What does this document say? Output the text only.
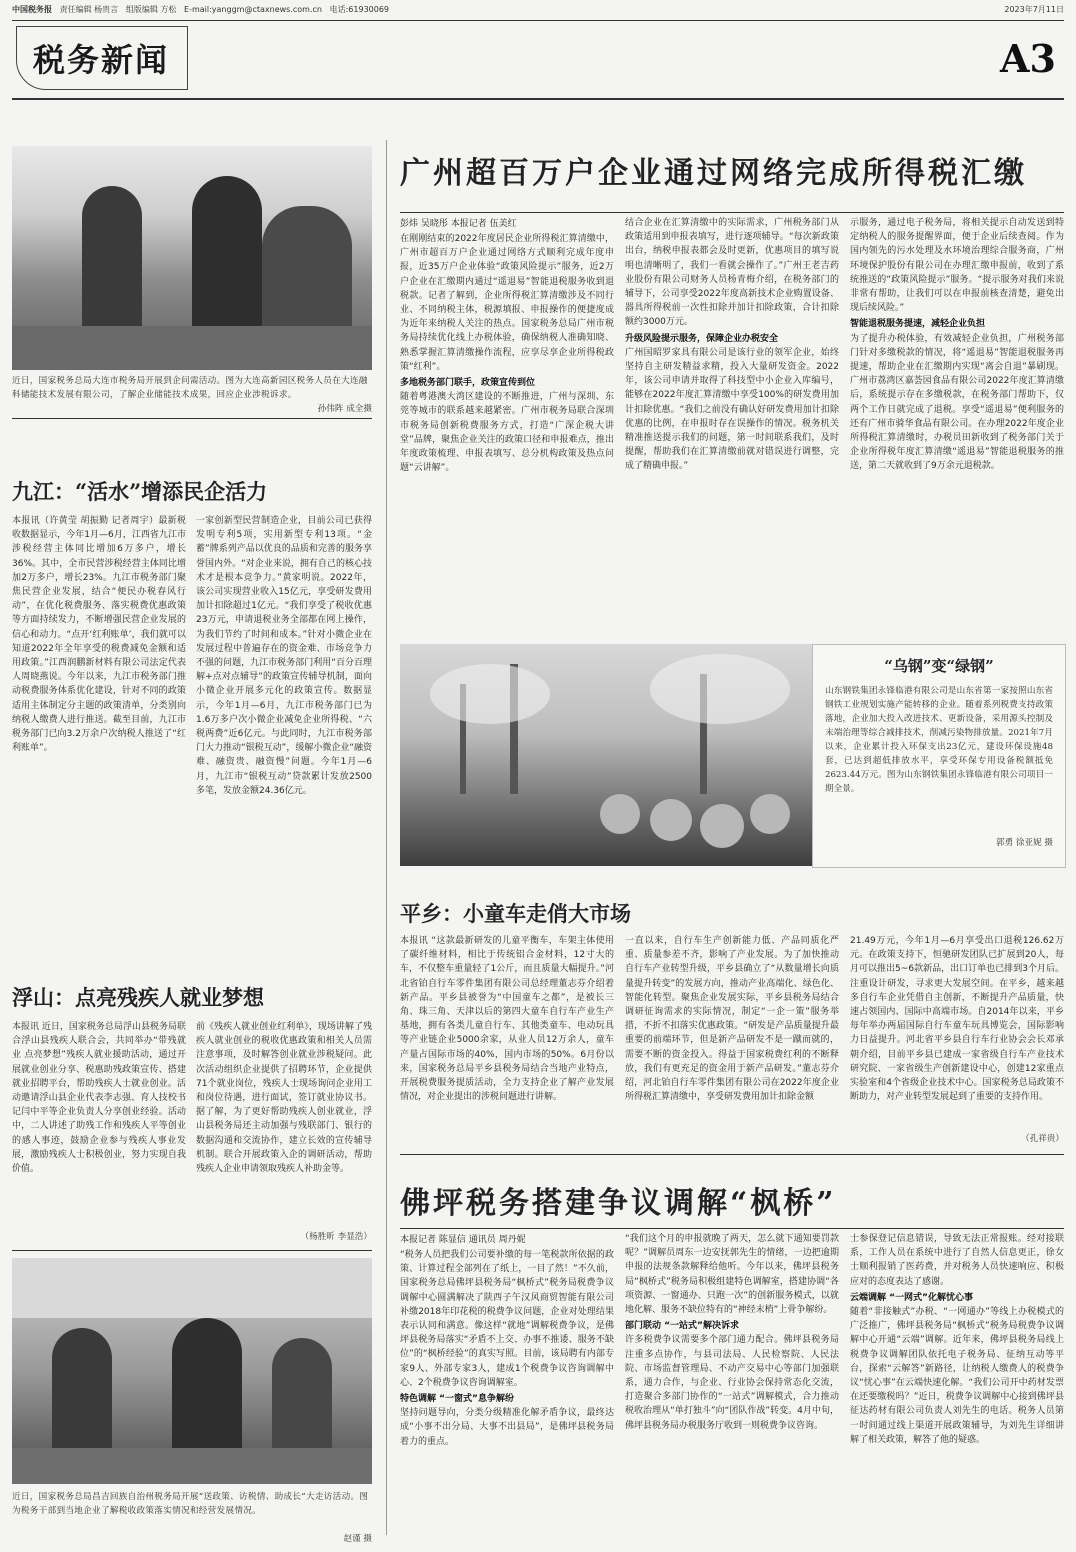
中国税务报 责任编辑 杨贵言 组版编辑 方松 E-mail:yanggm@ctaxnews.com.cn 电话:61930069	2023年7月11日
税务新闻	A3
近日，国家税务总局大连市税务局开展到企问需活动。图为大连高新园区税务人员在大连融科储能技术发展有限公司，了解企业储能技术成果，回应企业涉税诉求。
孙伟阵 成全摄
广州超百万户企业通过网络完成所得税汇缴
彭炜 吴晓彤 本报记者 伍美红
在刚刚结束的2022年度居民企业所得税汇算清缴中，广州市超百万户企业通过网络方式顺利完成年度申报，近35万户企业体验“政策风险提示”服务，近2万户企业在汇缴期内通过“遥退易”智能退税服务收到退税款。记者了解到，企业所得税汇算清缴涉及不同行业、不同纳税主体，税源填报、申报操作的便捷度成为近年来纳税人关注的热点。国家税务总局广州市税务局持续优化线上办税体验，确保纳税人准确知晓、熟悉掌握汇算清缴操作流程，应享尽享企业所得税政策“红利”。
多地税务部门联手，政策宣传到位
随着粤港澳大湾区建设的不断推进，广州与深圳、东莞等城市的联系越来越紧密。广州市税务局联合深圳市税务局创新税费服务方式，打造“广深企税大讲堂”品牌，聚焦企业关注的政策口径和申报难点，推出年度政策梳理、申报表填写、总分机构政策及热点问题“云讲解”。
结合企业在汇算清缴中的实际需求，广州税务部门从政策适用到申报表填写，进行逐项辅导。“每次新政策出台，纳税申报表都会及时更新，优惠项目的填写说明也清晰明了，我们一看就会操作了。”广州王老吉药业股份有限公司财务人员杨青梅介绍，在税务部门的辅导下，公司享受2022年度高新技术企业购置设备、器具所得税前一次性扣除并加计扣除政策，合计扣除额约3000万元。
升级风险提示服务，保障企业办税安全
广州国昭罗家具有限公司是该行业的领军企业，始终坚持自主研发精益求精，投入大量研发资金。2022年，该公司申请并取得了科技型中小企业入库编号，能够在2022年度汇算清缴中享受100%的研发费用加计扣除优惠。“我们之前没有确认好研发费用加计扣除优惠的比例，在申报时存在误操作的情况。税务机关精准推送提示我们的问题，第一时间联系我们，及时提醒，帮助我们在汇算清缴前就对错误进行调整，完成了精确申报。”
示服务，通过电子税务局，将相关提示自动发送到特定纳税人的服务提醒界面，便于企业后续查阅。作为国内领先的污水处理及水环境治理综合服务商，广州环境保护股份有限公司在办理汇缴申报前，收到了系统推送的“政策风险提示”服务。“提示服务对我们来说非常有帮助，让我们可以在申报前核查清楚，避免出现后续风险。”
智能退税服务提速，减轻企业负担
为了提升办税体验，有效减轻企业负担，广州税务部门针对多缴税款的情况，将“遥退易”智能退税服务再提速，帮助企业在汇缴期内实现“离会自退”暴刷现。广州市荔湾区嘉荟园食品有限公司2022年度汇算清缴后，系统提示存在多缴税款，在税务部门帮助下，仅两个工作日就完成了退税。享受“遥退易”便利服务的还有广州市骑华食品有限公司。在办理2022年度企业所得税汇算清缴时，办税员田新收到了税务部门关于企业所得税年度汇算清缴“遥退易”智能退税服务的推送，第二天就收到了9万余元退税款。
九江：“活水”增添民企活力
本报讯（许黄莹 胡振勤 记者周宇）最新税收数据显示，今年1月—6月，江西省九江市涉税经营主体同比增加6万多户，增长36%。其中，全市民营涉税经营主体同比增加2万多户，增长23%。九江市税务部门聚焦民营企业发展，结合“便民办税春风行动”，在优化税费服务、落实税费优惠政策等方面持续发力，不断增强民营企业发展的信心和动力。“点开‘红利账单’，我们就可以知道2022年全年享受的税费减免金额和适用政策。”江西润鹏新材料有限公司法定代表人周晓燕说。今年以来，九江市税务部门推动税费服务体系优化建设，针对不同的政策适用主体制定分主题的政策清单，分类别向纳税人缴费人进行推送。截至目前，九江市税务部门已向3.2万余户次纳税人推送了“红利账单”。
一家创新型民营制造企业，目前公司已获得发明专利5项，实用新型专利13项。“金蓄”牌系列产品以优良的品质和完善的服务享誉国内外。“对企业来说，拥有自己的核心技术才是根本竞争力。”黄家明说。2022年，该公司实现营业收入15亿元，享受研发费用加计扣除超过1亿元。“我们享受了税收优惠23万元，申请退税业务全部都在网上操作，为我们节约了时间和成本。”针对小微企业在发展过程中普遍存在的资金难、市场竞争力不强的问题，九江市税务部门利用“百分百理解+点对点辅导”的政策宣传辅导机制，面向小微企业开展多元化的政策宣传。数据显示，今年1月—6月，九江市税务部门已为1.6万多户次小微企业减免企业所得税、“六税两费”近6亿元。与此同时，九江市税务部门大力推动“银税互动”，缓解小微企业“融资难、融资贵、融资慢”问题。今年1月—6月，九江市“银税互动”贷款累计发放2500多笔，发放金额24.36亿元。
“乌钢”变“绿钢”
山东钢铁集团永锋临港有限公司是山东省第一家按照山东省钢铁工业规划实施产能转移的企业。随着系列税费支持政策落地，企业加大投入改进技术、更新设备，采用源头控制及末端治理等综合减排技术，削减污染物排放量。2021年7月以来，企业累计投入环保支出23亿元，建设环保设施48套，已达到超低排放水平，享受环保专用设备税额抵免2623.44万元。图为山东钢铁集团永锋临港有限公司项目一期全景。
郭勇 徐亚妮 摄
平乡：小童车走俏大市场
本报讯 “这款最新研发的儿童平衡车，车架主体使用了碳纤维材料，相比于传统铝合金材料，12寸大的车，不仅整车重量轻了1公斤，而且质量大幅提升。”河北省铂自行车零件集团有限公司总经理董志芬介绍着新产品。平乡县被誉为“中国童车之都”，是被长三角、珠三角、天津以后的第四大童车自行车产业生产基地，拥有各类儿童自行车、其他类童车、电动玩具等产业链企业5000余家，从业人员12万余人，童车产量占国际市场的40%，国内市场的50%。6月份以来，国家税务总局平乡县税务局结合当地产业特点，开展税费服务提质活动，全力支持企业了解产业发展情况，对企业提出的涉税问题进行讲解。
一直以来，自行车生产创新能力低、产品同质化严重、质量参差不齐，影响了产业发展。为了加快推动自行车产业转型升级，平乡县确立了“从数量增长向质量提升转变”的发展方向，推动产业高端化、绿色化、智能化转型。聚焦企业发展实际，平乡县税务局结合调研征询需求的实际情况，制定“一企一策”服务举措，不折不扣落实优惠政策。“研发是产品质量提升最重要的前端环节，但是新产品研发不是一蹴而就的，需要不断的资金投入。得益于国家税费红利的不断释放，我们有更充足的资金用于新产品研发。”董志芬介绍，河北铂自行车零件集团有限公司在2022年度企业所得税汇算清缴中，享受研发费用加计扣除金额
21.49万元，今年1月—6月享受出口退税126.62万元。在政策支持下，恒驰研发团队已扩展到20人，每月可以推出5~6款新品，出口订单也已排到3个月后。注重设计研发，寻求更大发展空间。在平乡，越来越多自行车企业凭借自主创新，不断提升产品质量，快速占领国内、国际中高端市场。自2014年以来，平乡每年举办两届国际自行车童车玩具博览会，国际影响力日益提升。河北省平乡县自行车行业协会会长邓承朝介绍，目前平乡县已建成一家省级自行车产业技术研究院、一家省级生产创新建设中心，创建12家重点实验室和4个省级企业技术中心。国家税务总局政策不断助力，对产业转型发展起到了重要的支持作用。
（孔祥贵）
浮山：点亮残疾人就业梦想
本报讯 近日，国家税务总局浮山县税务局联合浮山县残疾人联合会，共同举办“带残就业 点亮梦想”残疾人就业援助活动，通过开展就业创业分享、税惠助残政策宣传、搭建就业招聘平台，帮助残疾人士就业创业。活动邀请浮山县企业代表李志强、育人技校书记闫中平等企业负责人分享创业经验。活动中，二人讲述了助残工作和残疾人平等创业的感人事迹，鼓励企业参与残疾人事业发展，激励残疾人士积极创业，努力实现自我价值。
前《残疾人就业创业红利单》，现场讲解了残疾人就业创业的税收优惠政策和相关人员需注意事项，及时解答创业就业涉税疑问。此次活动组织企业提供了招聘环节，企业提供71个就业岗位，残疾人士现场询问企业用工和岗位待遇，进行面试，签订就业协议书。据了解，为了更好帮助残疾人创业就业，浮山县税务局还主动加强与残联部门、银行的数据沟通和交流协作，建立长效的宣传辅导机制。联合开展政策入企的调研活动，帮助残疾人企业申请领取残疾人补助金等。
（杨胜昕 李显浩）
近日，国家税务总局昌吉回族自治州税务局开展“送政策、访税情、助成长”大走访活动。图为税务干部到当地企业了解税收政策落实情况和经营发展情况。
赵谨 摄
佛坪税务搭建争议调解“枫桥”
本报记者 陈显信 通讯员 周丹妮
“税务人员把我们公司要补缴的每一笔税款所依据的政策、计算过程全部列在了纸上，一目了然！”不久前，国家税务总局佛坪县税务局“枫桥式”税务局税费争议调解中心圆满解决了陕西子午汉风商贸智能有限公司补缴2018年印花税的税费争议问题，企业对处理结果表示认同和满意。像这样“就地”调解税费争议，是佛坪县税务局落实“矛盾不上交、办事不推诿、服务不缺位”的“枫桥经验”的真实写照。目前，该局聘有内部专家9人、外部专家3人，建成1个税费争议咨询调解中心、2个税费争议咨询调解室。
特色调解 “一窗式”息争解纷
坚持问题导向，分类分级精准化解矛盾争议，最终达成“小事不出分局、大事不出县局”，是佛坪县税务局着力的重点。
“我们这个月的申报就晚了两天，怎么就下通知要罚款呢？”调解员周东一边安抚郭先生的情绪，一边把逾期申报的法规条款解释给他听。今年以来，佛坪县税务局“枫桥式”税务局积极组建特色调解室，搭建协调“各项资源、一窗通办、只跑一次”的创新服务模式，以就地化解、服务不缺位特有的“神经末梢”上骨争解纷。
部门联动 “一站式”解决诉求
许多税费争议需要多个部门通力配合。佛坪县税务局注重多点协作，与县司法局、人民检察院、人民法院、市场监督管理局、不动产交易中心等部门加强联系，通力合作，与企业、行业协会保持常态化交流，打造聚合多部门协作的“一站式”调解模式，合力推动税收治理从“单打独斗”向“团队作战”转变。4月中旬，佛坪县税务局办税服务厅收到一则税费争议咨询。
士参保登记信息错误，导致无法正常报账。经对接联系，工作人员在系统中进行了自然人信息更正，徐女士顺利报销了医药费，并对税务人员快速响应、积极应对的态度表达了感谢。
云端调解 “一网式”化解忧心事
随着“非接触式”办税、“一网通办”等线上办税模式的广泛推广，佛坪县税务局“枫桥式”税务局税费争议调解中心开通“云端”调解。近年来，佛坪县税务局线上税费争议调解团队依托电子税务局、征纳互动等平台，探索“云解答”新路径，让纳税人缴费人的税费争议“忧心事”在云端快速化解。“我们公司开中药材发票在还要缴税吗？”近日，税费争议调解中心接到佛坪县征达药材有限公司负责人刘先生的电话。税务人员第一时间通过线上渠道开展政策辅导，为刘先生详细讲解了相关政策，解答了他的疑惑。
